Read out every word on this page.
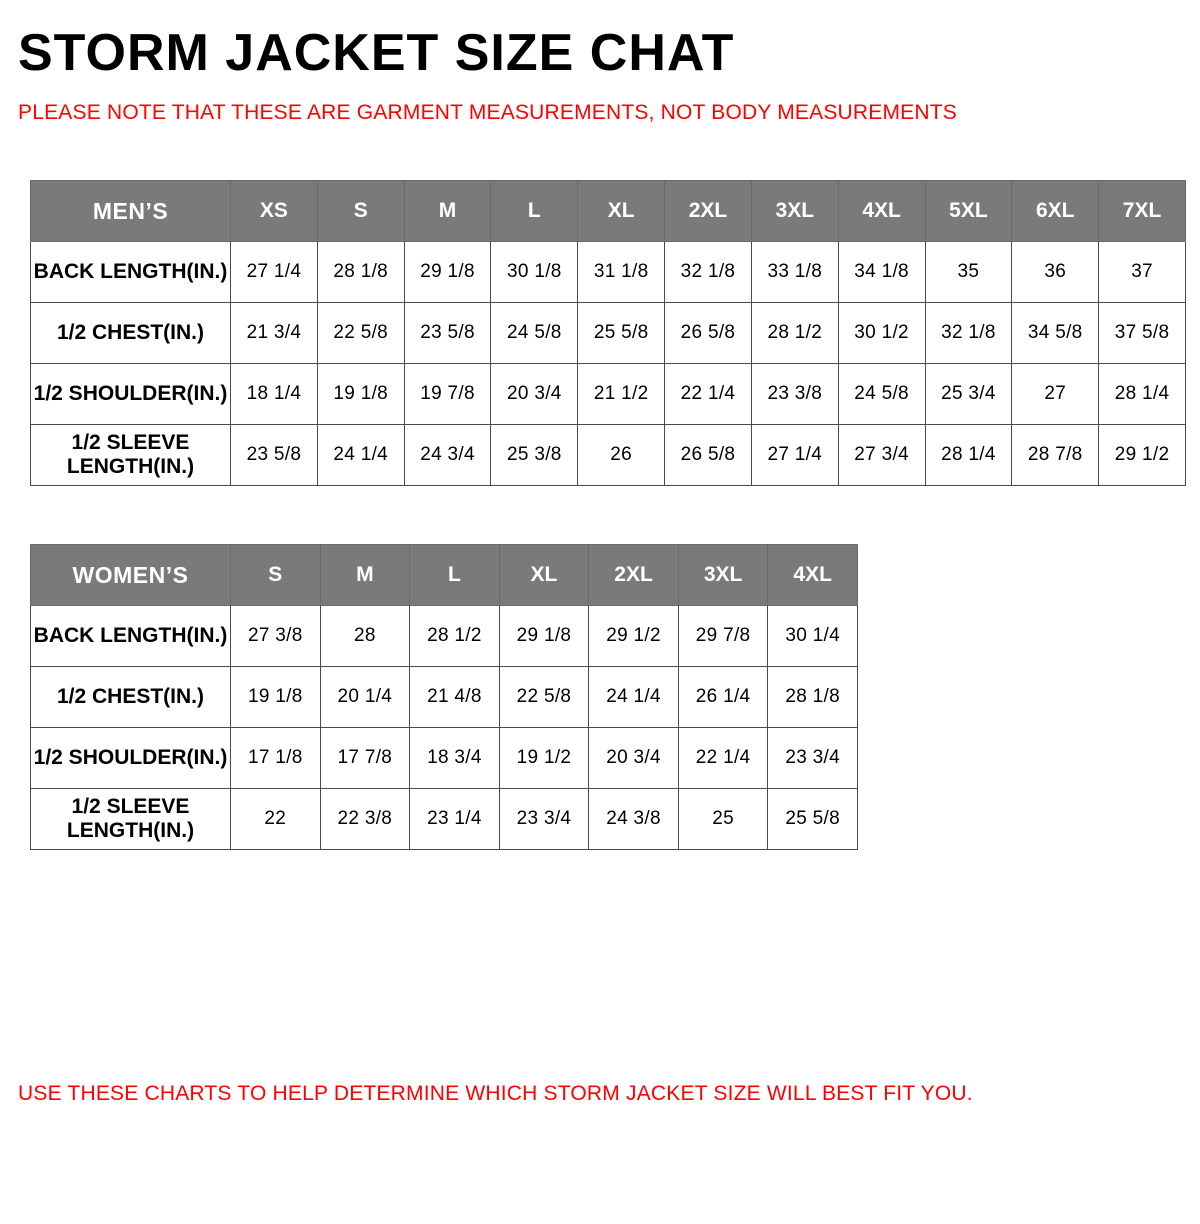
STORM JACKET SIZE CHAT
PLEASE NOTE THAT THESE ARE GARMENT MEASUREMENTS, NOT BODY MEASUREMENTS
MEN’S	XS	S	M	L	XL	2XL	3XL	4XL	5XL	6XL	7XL
BACK LENGTH(IN.)	27 1/4	28 1/8	29 1/8	30 1/8	31 1/8	32 1/8	33 1/8	34 1/8	35	36	37
1/2 CHEST(IN.)	21 3/4	22 5/8	23 5/8	24 5/8	25 5/8	26 5/8	28 1/2	30 1/2	32 1/8	34 5/8	37 5/8
1/2 SHOULDER(IN.)	18 1/4	19 1/8	19 7/8	20 3/4	21 1/2	22 1/4	23 3/8	24 5/8	25 3/4	27	28 1/4
1/2 SLEEVE LENGTH(IN.)	23 5/8	24 1/4	24 3/4	25 3/8	26	26 5/8	27 1/4	27 3/4	28 1/4	28 7/8	29 1/2
WOMEN’S	S	M	L	XL	2XL	3XL	4XL
BACK LENGTH(IN.)	27 3/8	28	28 1/2	29 1/8	29 1/2	29 7/8	30 1/4
1/2 CHEST(IN.)	19 1/8	20 1/4	21 4/8	22 5/8	24 1/4	26 1/4	28 1/8
1/2 SHOULDER(IN.)	17 1/8	17 7/8	18 3/4	19 1/2	20 3/4	22 1/4	23 3/4
1/2 SLEEVE LENGTH(IN.)	22	22 3/8	23 1/4	23 3/4	24 3/8	25	25 5/8
USE THESE CHARTS TO HELP DETERMINE WHICH STORM JACKET SIZE WILL BEST FIT YOU.
